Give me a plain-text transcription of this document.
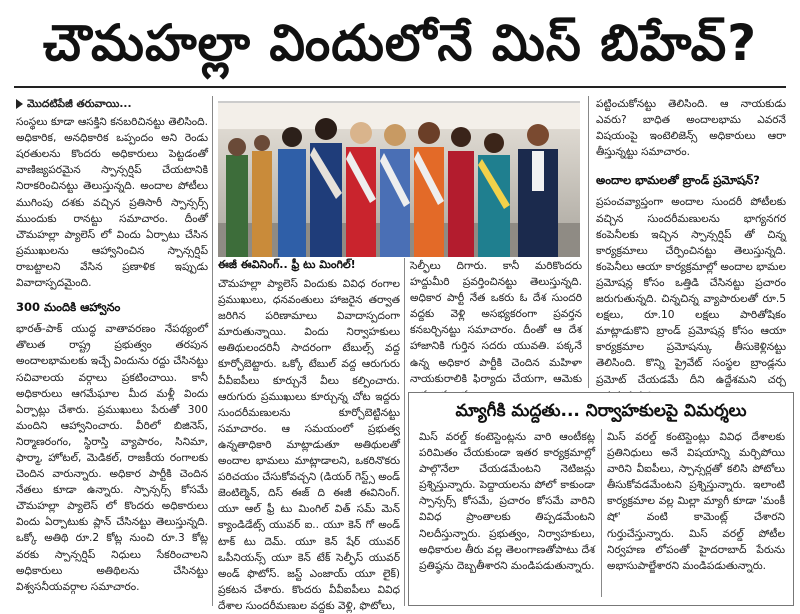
చౌమహల్లా విందులోనే మిస్ బిహేవ్?
మొదటిపేజీ తరువాయి...

సంస్థలు కూడా ఆసక్తిని కనబరిచినట్టు తెలిసింది. అధికారిక, అనధికారిక ఒప్పందం అని రెండు షరతులను కొందరు అధికారులు పెట్టడంతో వాణిజ్యపరమైన స్పాన్సర్షిప్ చేయటానికి నిరాకరించినట్టు తెలుస్తున్నది. అందాల పోటీలు ముగింపు దశకు వచ్చిన ప్రతిసారీ స్పాన్సర్స్ ముందుకు రానట్టు సమాచారం. దీంతో చౌమహల్లా ప్యాలెస్ లో విందు ఏర్పాటు చేసిన ప్రముఖులను ఆహ్వానించిన స్పాన్సర్షిప్ రాబట్టాలని వేసిన ప్రణాళిక ఇప్పుడు వివాదాస్పదమైంది.

300 మందికి ఆహ్వానం

భారత్-పాక్ యుద్ధ వాతావరణం నేపథ్యంలో తొలుత రాష్ట్ర ప్రభుత్వం తరపున అందాలభామలకు ఇచ్చే విందును రద్దు చేసినట్టు సచివాలయ వర్గాలు ప్రకటించాయి. కానీ అధికారులు ఆగమేఘాల మీద మళ్లీ విందు ఏర్పాట్లు చేశారు. ప్రముఖులు పేరుతో 300 మందిని ఆహ్వానించారు. వీరిలో బిజినెస్, నిర్మాణరంగం, స్థిరాస్తి వ్యాపారం, సినిమా, ఫార్మా, హోటల్, మెడికల్, రాజకీయ రంగాలకు చెందిన వారున్నారు. అధికార పార్టీకి చెందిన నేతలు కూడా ఉన్నారు. స్పాన్సర్స్ కోసమే చౌమహల్లా ప్యాలెస్ లో కొందరు అధికారులు విందు ఏర్పాటుకు ప్లాన్ చేసినట్టు తెలుస్తున్నది. ఒక్కో అతిథి రూ.2 కోట్ల నుంచి రూ.3 కోట్ల వరకు స్పాన్సర్షిప్ నిధులు సేకరించాలని అధికారులు అతిథిలను చేసినట్టు విశ్వసనీయవర్గాల సమాచారం.

ఈజీ ఈవినింగ్.. ఫ్రీ టు మింగిల్!

చౌమహల్లా ప్యాలెస్ విందుకు వివిధ రంగాల ప్రముఖులు, ధనవంతులు హాజరైన తర్వాత జరిగిన పరిణామాలు వివాదాస్పదంగా మారుతున్నాయి. విందు నిర్వాహకులు అతిథులందరినీ సాదరంగా టేబుల్స్ వద్ద కూర్చోబెట్టారు. ఒక్కో టేబుల్ వద్ద ఆరుగురు వీవీఐపీలు కూర్చునే వీలు కల్పించారు. ఆరుగురు ప్రముఖులు కూర్చున్న చోట ఇద్దరు సుందరీమణులను కూర్చోబెట్టినట్టు సమాచారం. ఆ సమయంలో ప్రభుత్వ ఉన్నతాధికారి మాట్లాడుతూ అతిథులతో అందాల భామలు మాట్లాడాలని, ఒకరినొకరు పరిచయం చేసుకోవచ్చని (డియర్ గెస్ట్స్ అండ్ జెంటిల్మెన్, దిస్ ఈజ్ ది ఈజీ ఈవినింగ్. యూ ఆల్ ఫ్రీ టు మింగిల్ విత్ సమ్ మెన్ క్యాండిడేట్స్ యువర్ ఐ.. యూ కెన్ గో అండ్ టాక్ టు దెమ్. యూ కెన్ షేర్ యువర్ ఒపీనియన్స్ యూ కెన్ టేక్ సెల్ఫీస్ యువర్ అండ్ ఫొటోస్. జస్ట్ ఎంజాయ్ యూ లైక్) ప్రకటన చేశారు. కొందరు వీవీఐపీలు వివిధ దేశాల సుందరీమణుల వద్దకు వెళ్లి, ఫొటోలు,

సెల్ఫీలు దిగారు. కానీ మరికొందరు హద్దుమీరి ప్రవర్తించినట్టు తెలుస్తున్నది. అధికార పార్టీ నేత ఒకరు ఓ దేశ సుందరి వద్దకు వెళ్లి అసభ్యకరంగా ప్రవర్తన కనబర్చినట్టు సమాచారం. దీంతో ఆ దేశ హాజానికి గుర్తిన సదరు యువతి. పక్కనే ఉన్న అధికార పార్టీకి చెందిన మహిళా నాయకురాలికి ఫిర్యాదు చేయగా, ఆమెకు

పట్టించుకోనట్టు తెలిసింది. ఆ నాయకుడు ఎవరు? బాధిత అందాలభామ ఎవరనే విషయంపై ఇంటెలిజెన్స్ అధికారులు ఆరా తీస్తున్నట్టు సమాచారం.

అందాల భామలతో బ్రాండ్ ప్రమోషన్?

ప్రపంచవ్యాప్తంగా అందాల సుందరీ పోటీలకు వచ్చిన సుందరీమణులను భాగ్యనగర కంపెనీలకు ఇచ్చిన స్పాన్సర్షిప్ తో చిన్న కార్యక్రమాలు చేర్పించినట్టు తెలుస్తున్నది. కంపెనీలు ఆయా కార్యక్రమాల్లో అందాల భామల ప్రమోషన్ల కోసం ఒత్తిడి చేసినట్టు ప్రచారం జరుగుతున్నది. చిన్నచిన్న వ్యాపారులతో రూ.5 లక్షలు, రూ.10 లక్షలు పారితోషికం మాట్లాడుకొని బ్రాండ్ ప్రమోషన్ల కోసం ఆయా కార్యక్రమాల ప్రమోషన్కు తీసుకెళ్లినట్టు తెలిసింది. కొన్ని ప్రైవేట్ సంస్థల బ్రాండ్లను ప్రమోట్ చేయడమే దీని ఉద్దేశమని చర్చ

మ్యాగీకి మద్దతు... నిర్వాహకులపై విమర్శలు

మిస్ వరల్డ్ కంటెస్టెంట్లను వారి ఆంటీకట్ల పరిమితం చేయకుండా ఇతర కార్యక్రమాల్లో పాల్గొనేలా చేయడమేంటని నెటిజన్లు ప్రశ్నిస్తున్నారు. పెద్దాయలను పోలో కాకుండా స్పాన్సర్స్ కోసమే, ప్రచారం కోసమే వారిని వివిధ ప్రాంతాలకు తిప్పడమేంటని నిలదీస్తున్నారు. ప్రభుత్వం, నిర్వాహకులు, అధికారుల తీరు వల్ల తెలంగాణతోపాటు దేశ ప్రతిష్ఠను దెబ్బతీశారని మండిపడుతున్నారు.

మిస్ వరల్డ్ కంటెస్టెంట్లు వివిధ దేశాలకు ప్రతినిధులు అనే విషయాన్ని మర్చిపోయి వారిని వీఐపీలు, స్పాన్సర్లతో కలిసి పోటోలు తీసుకోవడమేంటని ప్రశ్నిస్తున్నారు. ఇలాంటి కార్యక్రమాల వల్ల మిల్లా మ్యాగీ కూడా 'మంకీ షో' వంటి కామెంట్ల్ చేశారని గుర్తుచేస్తున్నారు. మిస్ వరల్డ్ పోటీల నిర్వహణ లోపంతో హైదరాబాద్ పేరును అభాసుపాల్జేశారని మండిపడుతున్నారు.
